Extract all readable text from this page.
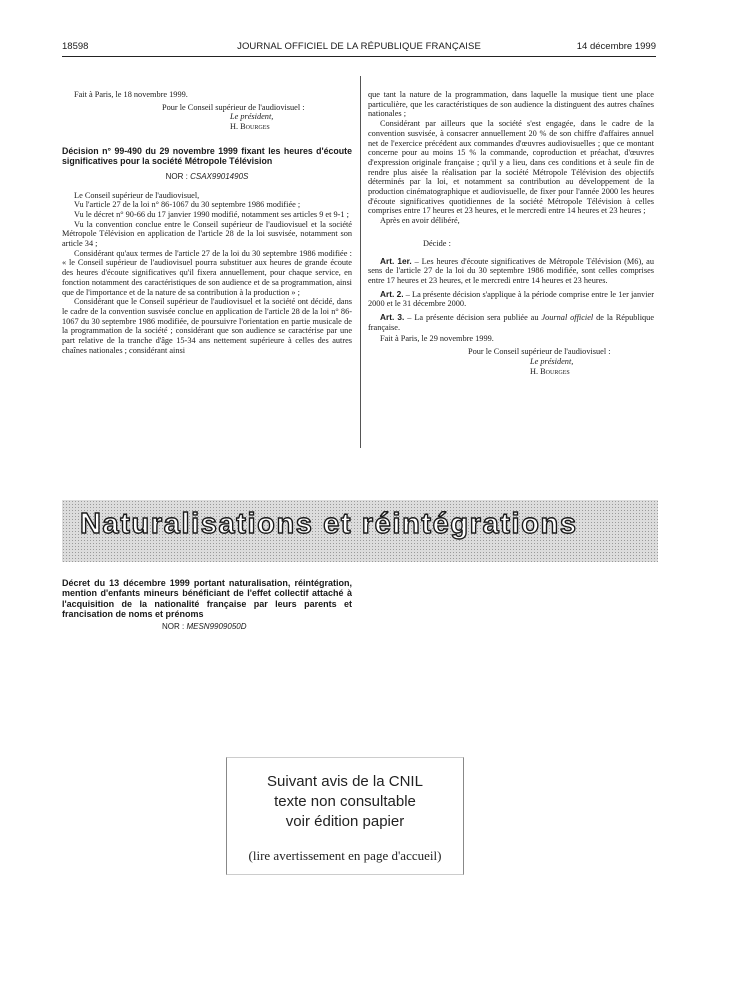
18598	JOURNAL OFFICIEL DE LA RÉPUBLIQUE FRANÇAISE	14 décembre 1999

Fait à Paris, le 18 novembre 1999.

Pour le Conseil supérieur de l'audiovisuel :

Le président,

H. Bourges

Décision n° 99-490 du 29 novembre 1999 fixant les heures d'écoute significatives pour la société Métropole Télévision

NOR : CSAX9901490S

Le Conseil supérieur de l'audiovisuel,

Vu l'article 27 de la loi n° 86-1067 du 30 septembre 1986 modifiée ;

Vu le décret n° 90-66 du 17 janvier 1990 modifié, notamment ses articles 9 et 9-1 ;

Vu la convention conclue entre le Conseil supérieur de l'audiovisuel et la société Métropole Télévision en application de l'article 28 de la loi susvisée, notamment son article 34 ;

Considérant qu'aux termes de l'article 27 de la loi du 30 septembre 1986 modifiée : « le Conseil supérieur de l'audiovisuel pourra substituer aux heures de grande écoute des heures d'écoute significatives qu'il fixera annuellement, pour chaque service, en fonction notamment des caractéristiques de son audience et de sa programmation, ainsi que de l'importance et de la nature de sa contribution à la production » ;

Considérant que le Conseil supérieur de l'audiovisuel et la société ont décidé, dans le cadre de la convention susvisée conclue en application de l'article 28 de la loi n° 86-1067 du 30 septembre 1986 modifiée, de poursuivre l'orientation en partie musicale de la programmation de la société ; considérant que son audience se caractérise par une part relative de la tranche d'âge 15-34 ans nettement supérieure à celles des autres chaînes nationales ; considérant ainsi

que tant la nature de la programmation, dans laquelle la musique tient une place particulière, que les caractéristiques de son audience la distinguent des autres chaînes nationales ;

Considérant par ailleurs que la société s'est engagée, dans le cadre de la convention susvisée, à consacrer annuellement 20 % de son chiffre d'affaires annuel net de l'exercice précédent aux commandes d'œuvres audiovisuelles ; que ce montant concerne pour au moins 15 % la commande, coproduction et préachat, d'œuvres d'expression originale française ; qu'il y a lieu, dans ces conditions et à seule fin de rendre plus aisée la réalisation par la société Métropole Télévision des objectifs déterminés par la loi, et notamment sa contribution au développement de la production cinématographique et audiovisuelle, de fixer pour l'année 2000 les heures d'écoute significatives quotidiennes de la société Métropole Télévision à celles comprises entre 17 heures et 23 heures, et le mercredi entre 14 heures et 23 heures ;

Après en avoir délibéré,

Décide :

Art. 1er. – Les heures d'écoute significatives de Métropole Télévision (M6), au sens de l'article 27 de la loi du 30 septembre 1986 modifiée, sont celles comprises entre 17 heures et 23 heures, et le mercredi entre 14 heures et 23 heures.

Art. 2. – La présente décision s'applique à la période comprise entre le 1er janvier 2000 et le 31 décembre 2000.

Art. 3. – La présente décision sera publiée au Journal officiel de la République française.

Fait à Paris, le 29 novembre 1999.

Pour le Conseil supérieur de l'audiovisuel :

Le président,

H. Bourges

Naturalisations et réintégrations

Décret du 13 décembre 1999 portant naturalisation, réintégration, mention d'enfants mineurs bénéficiant de l'effet collectif attaché à l'acquisition de la nationalité française par leurs parents et francisation de noms et prénoms

NOR : MESN9909050D

Suivant avis de la CNIL

texte non consultable

voir édition papier

(lire avertissement en page d'accueil)
